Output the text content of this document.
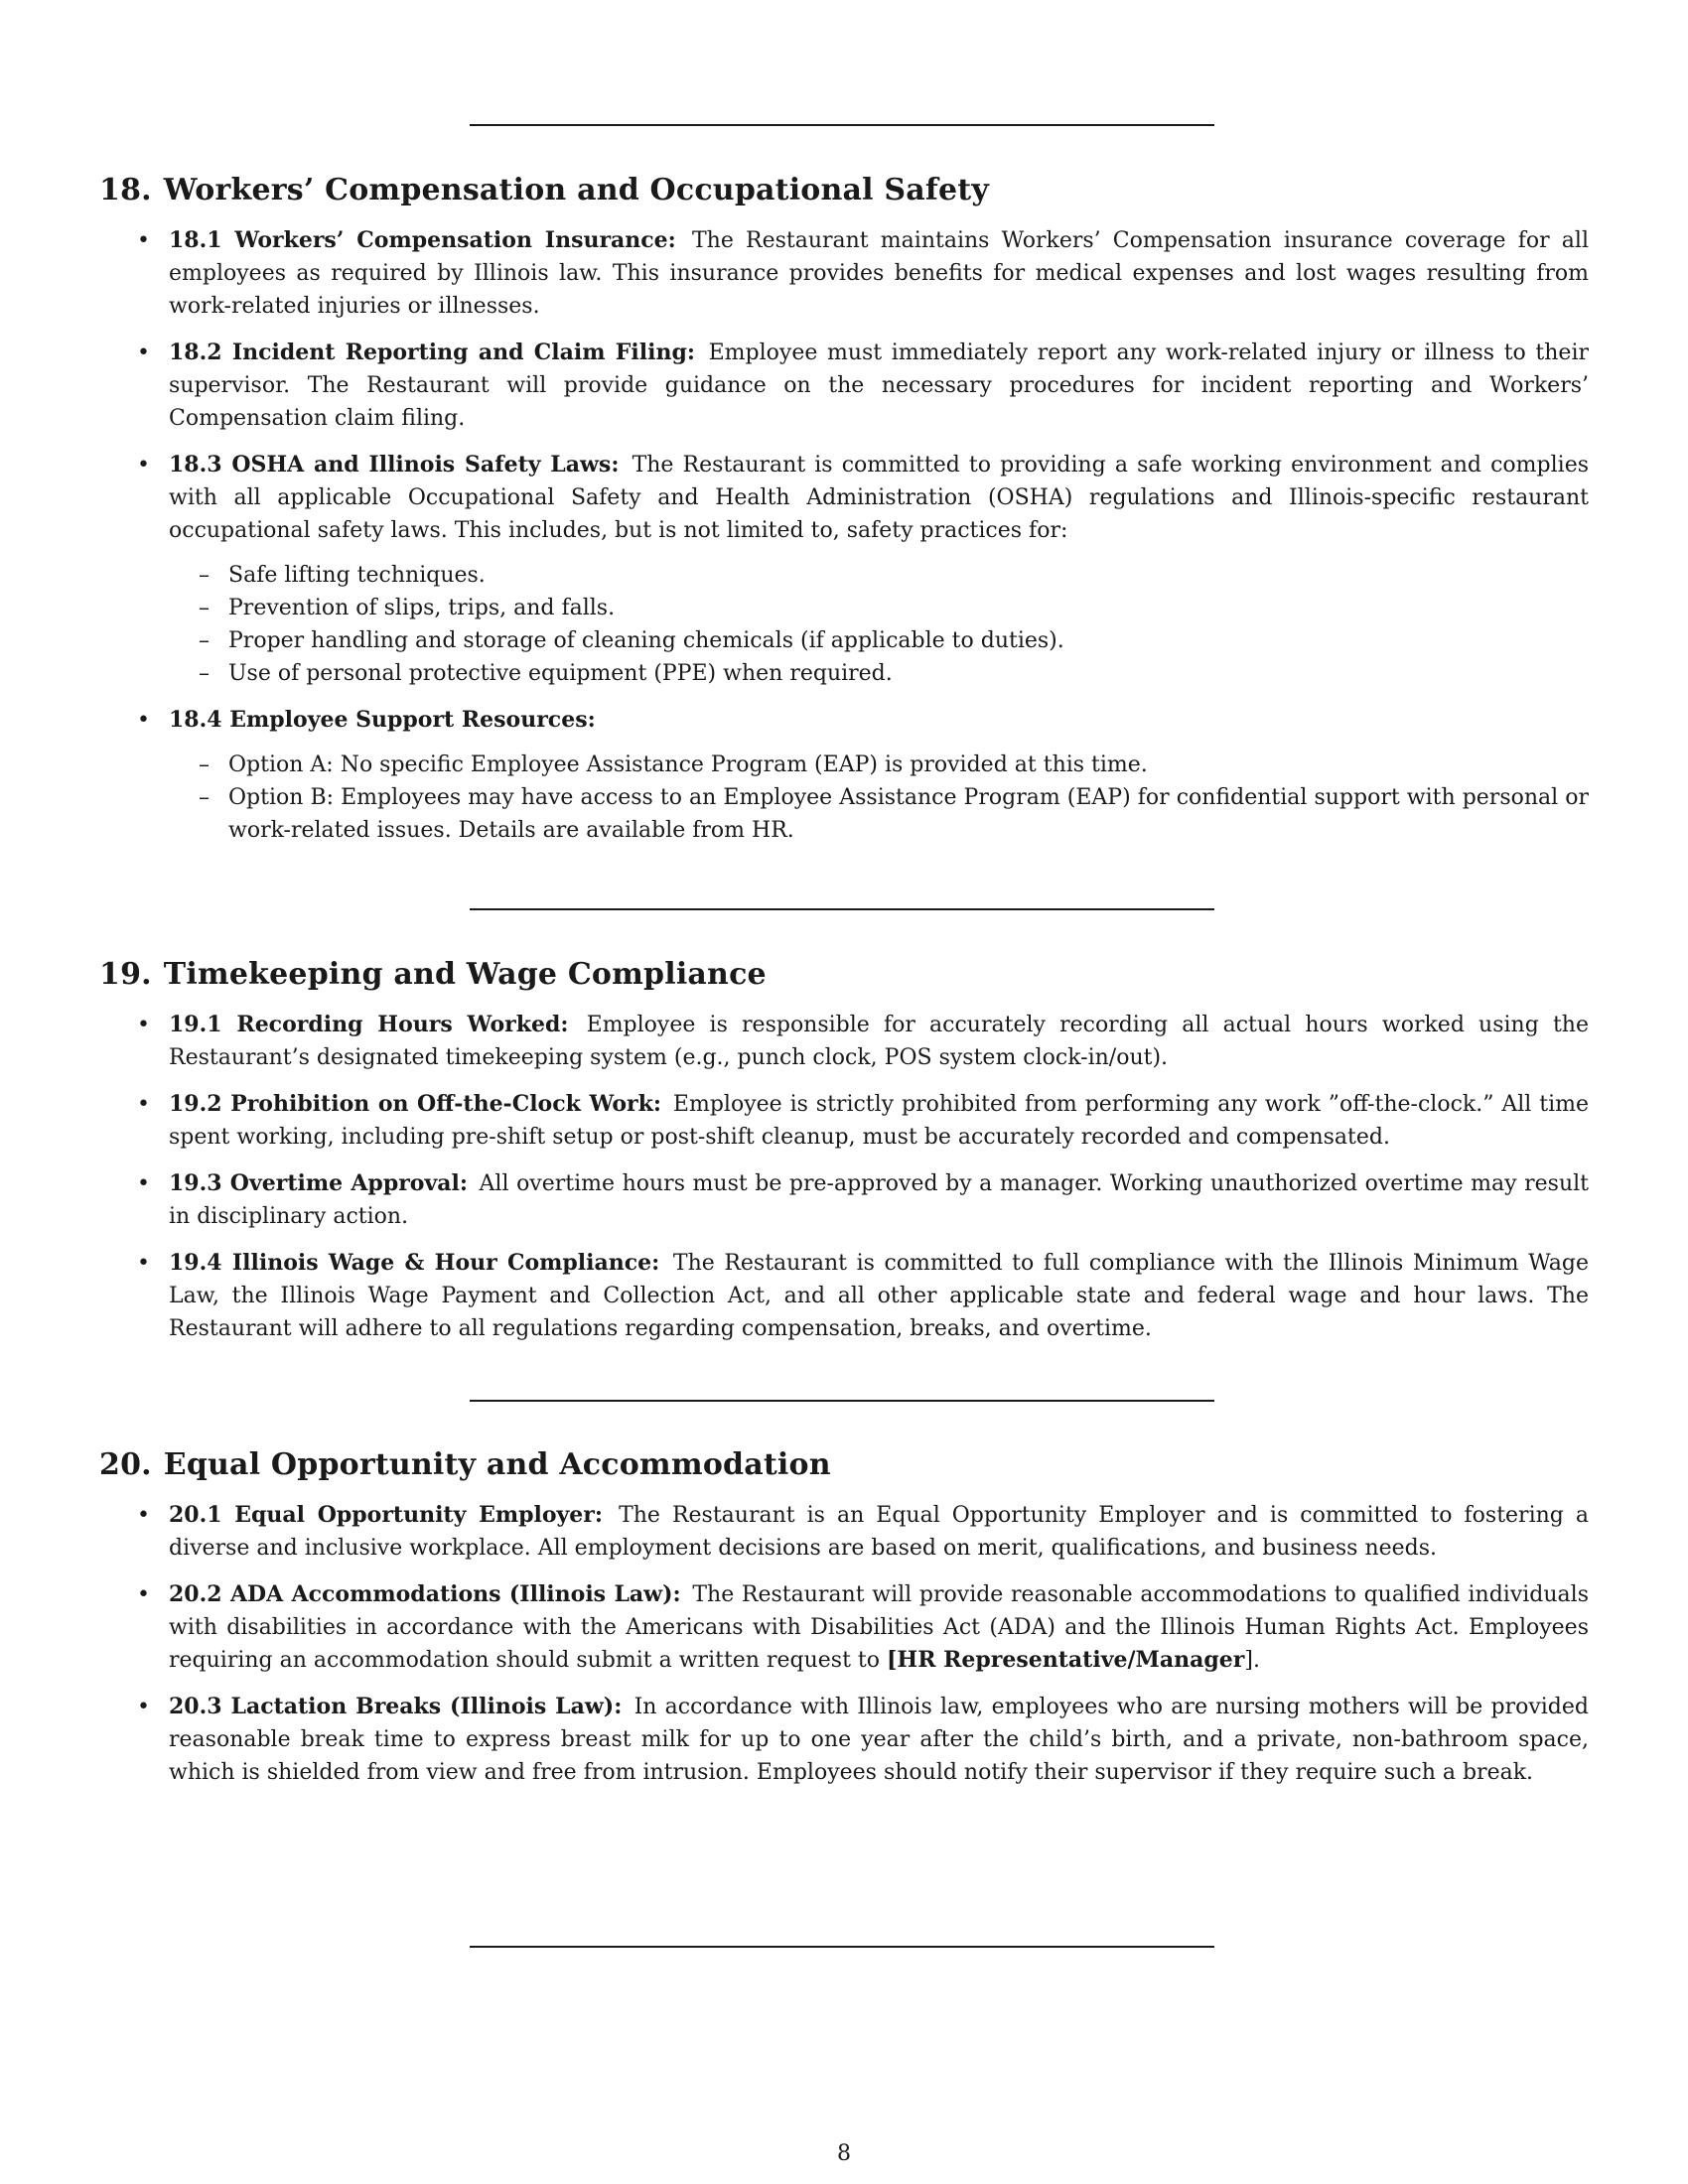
18. Workers’ Compensation and Occupational Safety
• 18.1 Workers’ Compensation Insurance: The Restaurant maintains Workers’ Compensation insurance coverage for all employees as required by Illinois law. This insurance provides benefits for medical expenses and lost wages resulting from work-related injuries or illnesses.
• 18.2 Incident Reporting and Claim Filing: Employee must immediately report any work-related injury or illness to their supervisor. The Restaurant will provide guidance on the necessary procedures for incident reporting and Workers’ Compensation claim filing.
• 18.3 OSHA and Illinois Safety Laws: The Restaurant is committed to providing a safe working environment and complies with all applicable Occupational Safety and Health Administration (OSHA) regulations and Illinois-specific restaurant occupational safety laws. This includes, but is not limited to, safety practices for:
– Safe lifting techniques.
– Prevention of slips, trips, and falls.
– Proper handling and storage of cleaning chemicals (if applicable to duties).
– Use of personal protective equipment (PPE) when required.
• 18.4 Employee Support Resources:
– Option A: No specific Employee Assistance Program (EAP) is provided at this time.
– Option B: Employees may have access to an Employee Assistance Program (EAP) for confidential support with personal or work-related issues. Details are available from HR.
19. Timekeeping and Wage Compliance
• 19.1 Recording Hours Worked: Employee is responsible for accurately recording all actual hours worked using the Restaurant’s designated timekeeping system (e.g., punch clock, POS system clock-in/out).
• 19.2 Prohibition on Off-the-Clock Work: Employee is strictly prohibited from performing any work ”off-the-clock.” All time spent working, including pre-shift setup or post-shift cleanup, must be accurately recorded and compensated.
• 19.3 Overtime Approval: All overtime hours must be pre-approved by a manager. Working unauthorized overtime may result in disciplinary action.
• 19.4 Illinois Wage & Hour Compliance: The Restaurant is committed to full compliance with the Illinois Minimum Wage Law, the Illinois Wage Payment and Collection Act, and all other applicable state and federal wage and hour laws. The Restaurant will adhere to all regulations regarding compensation, breaks, and overtime.
20. Equal Opportunity and Accommodation
• 20.1 Equal Opportunity Employer: The Restaurant is an Equal Opportunity Employer and is committed to fostering a diverse and inclusive workplace. All employment decisions are based on merit, qualifications, and business needs.
• 20.2 ADA Accommodations (Illinois Law): The Restaurant will provide reasonable accommodations to qualified individuals with disabilities in accordance with the Americans with Disabilities Act (ADA) and the Illinois Human Rights Act. Employees requiring an accommodation should submit a written request to [HR Representative/Manager].
• 20.3 Lactation Breaks (Illinois Law): In accordance with Illinois law, employees who are nursing mothers will be provided reasonable break time to express breast milk for up to one year after the child’s birth, and a private, non-bathroom space, which is shielded from view and free from intrusion. Employees should notify their supervisor if they require such a break.
8
